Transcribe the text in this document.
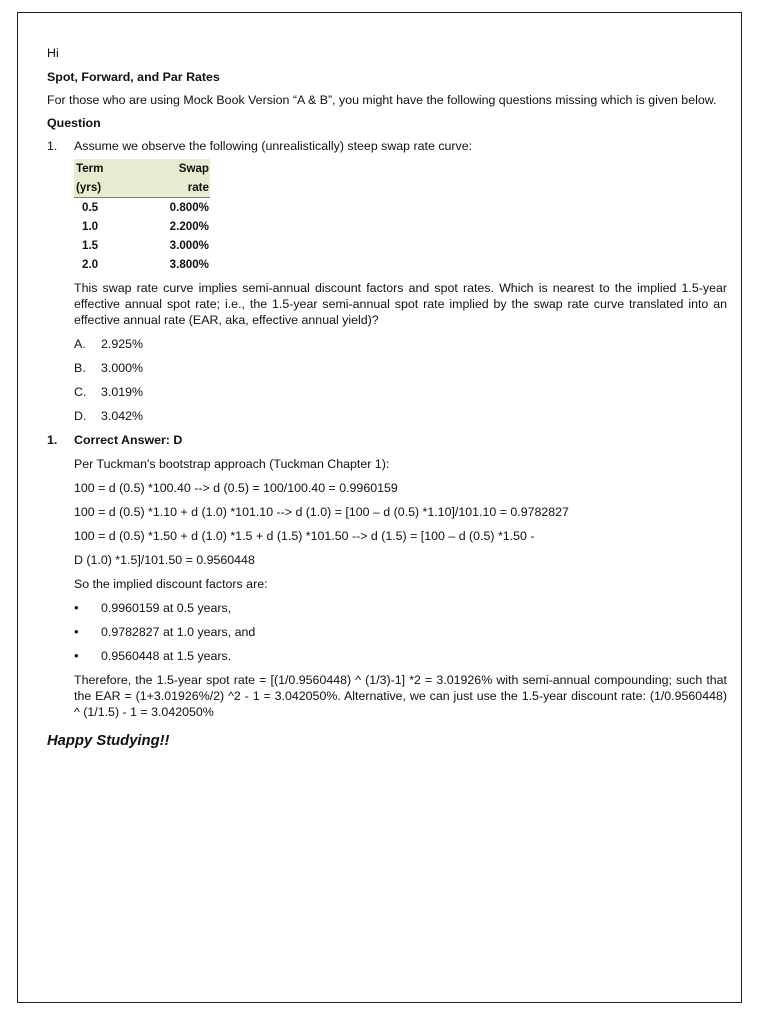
Hi

Spot, Forward, and Par Rates

For those who are using Mock Book Version “A & B”, you might have the following questions missing which is given below.

Question

1.	Assume we observe the following (unrealistically) steep swap rate curve:
Term	Swap
(yrs)	rate
0.5	0.800%
1.0	2.200%
1.5	3.000%
2.0	3.800%

This swap rate curve implies semi-annual discount factors and spot rates. Which is nearest to the implied 1.5-year effective annual spot rate; i.e., the 1.5-year semi-annual spot rate implied by the swap rate curve translated into an effective annual rate (EAR, aka, effective annual yield)?

A.	2.925%
B.	3.000%
C.	3.019%
D.	3.042%
1.	Correct Answer: D

Per Tuckman's bootstrap approach (Tuckman Chapter 1):

100 = d (0.5) *100.40 --> d (0.5) = 100/100.40 = 0.9960159

100 = d (0.5) *1.10 + d (1.0) *101.10 --> d (1.0) = [100 – d (0.5) *1.10]/101.10 = 0.9782827

100 = d (0.5) *1.50 + d (1.0) *1.5 + d (1.5) *101.50 --> d (1.5) = [100 – d (0.5) *1.50 -

D (1.0) *1.5]/101.50 = 0.9560448

So the implied discount factors are:

•	0.9960159 at 0.5 years,
•	0.9782827 at 1.0 years, and
•	0.9560448 at 1.5 years.

Therefore, the 1.5-year spot rate = [(1/0.9560448) ^ (1/3)-1] *2 = 3.01926% with semi-annual compounding; such that the EAR = (1+3.01926%/2) ^2 - 1 = 3.042050%. Alternative, we can just use the 1.5-year discount rate: (1/0.9560448) ^ (1/1.5) - 1 = 3.042050%

Happy Studying!!
